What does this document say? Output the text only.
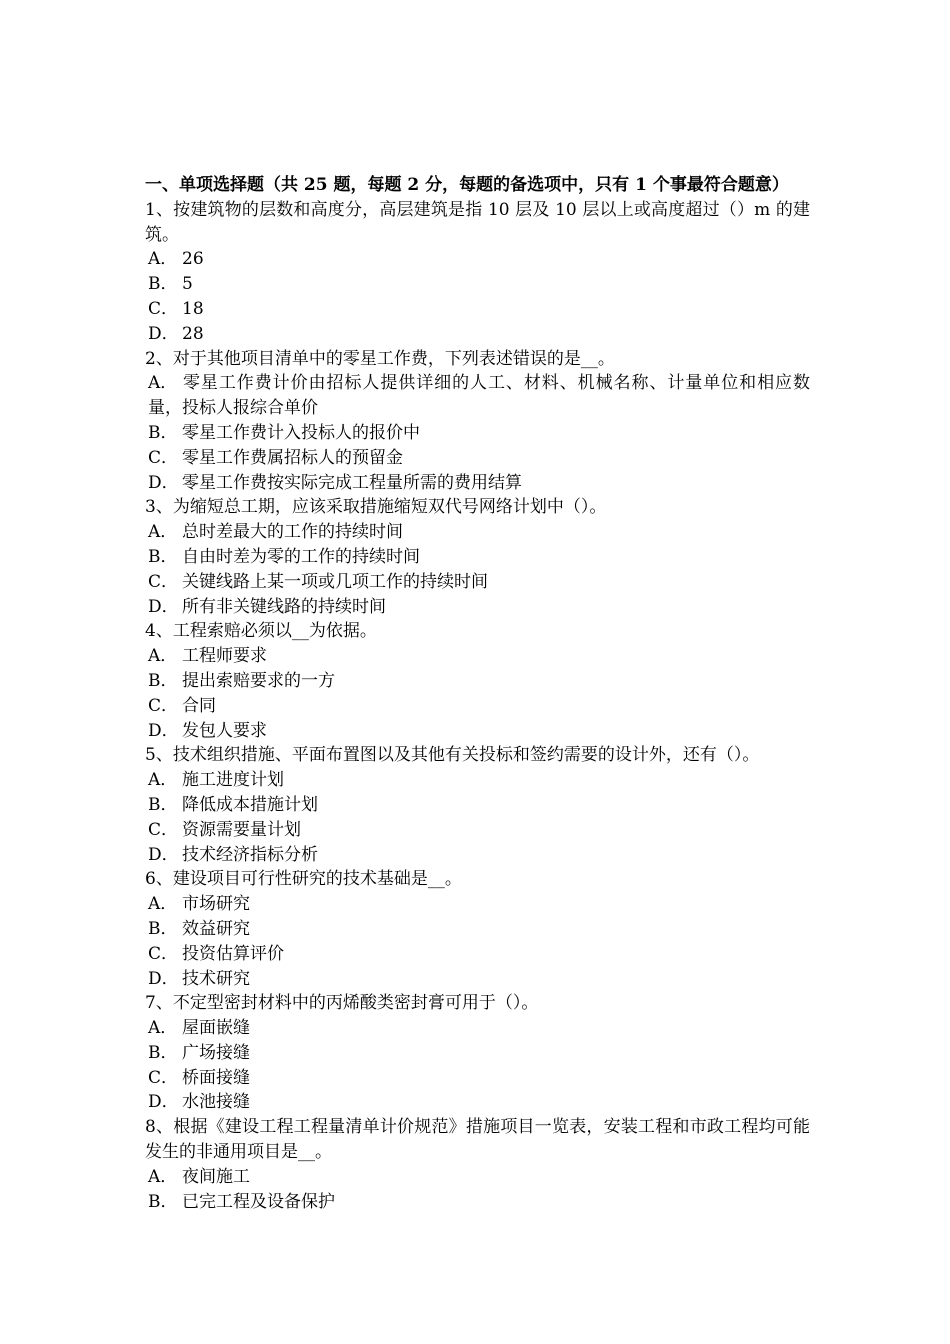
一、单项选择题（共 25 题，每题 2 分，每题的备选项中，只有 1 个事最符合题意）
1、按建筑物的层数和高度分，高层建筑是指 10 层及 10 层以上或高度超过（）m 的建筑。
A． 26
B． 5
C． 18
D． 28
2、对于其他项目清单中的零星工作费，下列表述错误的是__。
A． 零星工作费计价由招标人提供详细的人工、材料、机械名称、计量单位和相应数量，投标人报综合单价
B． 零星工作费计入投标人的报价中
C． 零星工作费属招标人的预留金
D． 零星工作费按实际完成工程量所需的费用结算
3、为缩短总工期，应该采取措施缩短双代号网络计划中（）。
A． 总时差最大的工作的持续时间
B． 自由时差为零的工作的持续时间
C． 关键线路上某一项或几项工作的持续时间
D． 所有非关键线路的持续时间
4、工程索赔必须以__为依据。
A． 工程师要求
B． 提出索赔要求的一方
C． 合同
D． 发包人要求
5、技术组织措施、平面布置图以及其他有关投标和签约需要的设计外，还有（）。
A． 施工进度计划
B． 降低成本措施计划
C． 资源需要量计划
D． 技术经济指标分析
6、建设项目可行性研究的技术基础是__。
A． 市场研究
B． 效益研究
C． 投资估算评价
D． 技术研究
7、不定型密封材料中的丙烯酸类密封膏可用于（）。
A． 屋面嵌缝
B． 广场接缝
C． 桥面接缝
D． 水池接缝
8、根据《建设工程工程量清单计价规范》措施项目一览表，安装工程和市政工程均可能发生的非通用项目是__。
A． 夜间施工
B． 已完工程及设备保护
